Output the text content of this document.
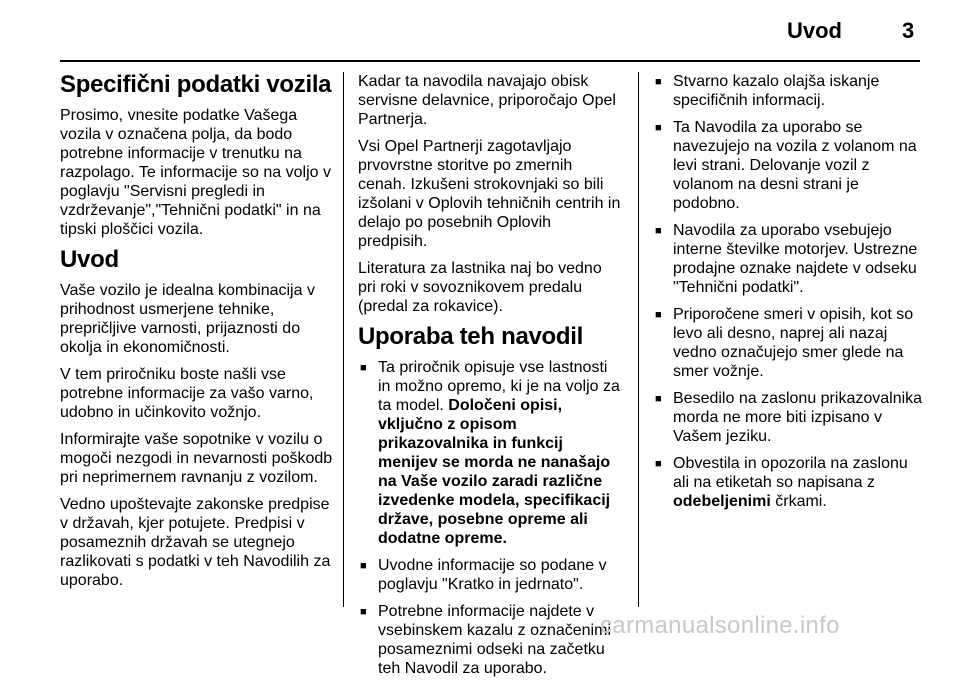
Uvod	3
Specifični podatki vozila

Prosimo, vnesite podatke Vašega vozila v označena polja, da bodo potrebne informacije v trenutku na razpolago. Te informacije so na voljo v poglavju "Servisni pregledi in vzdrževanje","Tehnični podatki" in na tipski ploščici vozila.

Uvod

Vaše vozilo je idealna kombinacija v prihodnost usmerjene tehnike, prepričljive varnosti, prijaznosti do okolja in ekonomičnosti.

V tem priročniku boste našli vse potrebne informacije za vašo varno, udobno in učinkovito vožnjo.

Informirajte vaše sopotnike v vozilu o mogoči nezgodi in nevarnosti poškodb pri neprimernem ravnanju z vozilom.

Vedno upoštevajte zakonske predpise v državah, kjer potujete. Predpisi v posameznih državah se utegnejo razlikovati s podatki v teh Navodilih za uporabo.

Kadar ta navodila navajajo obisk servisne delavnice, priporočajo Opel Partnerja.

Vsi Opel Partnerji zagotavljajo prvovrstne storitve po zmernih cenah. Izkušeni strokovnjaki so bili izšolani v Oplovih tehničnih centrih in delajo po posebnih Oplovih predpisih.

Literatura za lastnika naj bo vedno pri roki v sovoznikovem predalu (predal za rokavice).

Uporaba teh navodil
■ Ta priročnik opisuje vse lastnosti in možno opremo, ki je na voljo za ta model. Določeni opisi, vključno z opisom prikazovalnika in funkcij menijev se morda ne nanašajo na Vaše vozilo zaradi različne izvedenke modela, specifikacij države, posebne opreme ali dodatne opreme.
■ Uvodne informacije so podane v poglavju "Kratko in jedrnato".
■ Potrebne informacije najdete v vsebinskem kazalu z označenimi posameznimi odseki na začetku teh Navodil za uporabo.
■ Stvarno kazalo olajša iskanje specifičnih informacij.
■ Ta Navodila za uporabo se navezujejo na vozila z volanom na levi strani. Delovanje vozil z volanom na desni strani je podobno.
■ Navodila za uporabo vsebujejo interne številke motorjev. Ustrezne prodajne oznake najdete v odseku "Tehnični podatki".
■ Priporočene smeri v opisih, kot so levo ali desno, naprej ali nazaj vedno označujejo smer glede na smer vožnje.
■ Besedilo na zaslonu prikazovalnika morda ne more biti izpisano v Vašem jeziku.
■ Obvestila in opozorila na zaslonu ali na etiketah so napisana z odebeljenimi črkami.
carmanualsonline.info
